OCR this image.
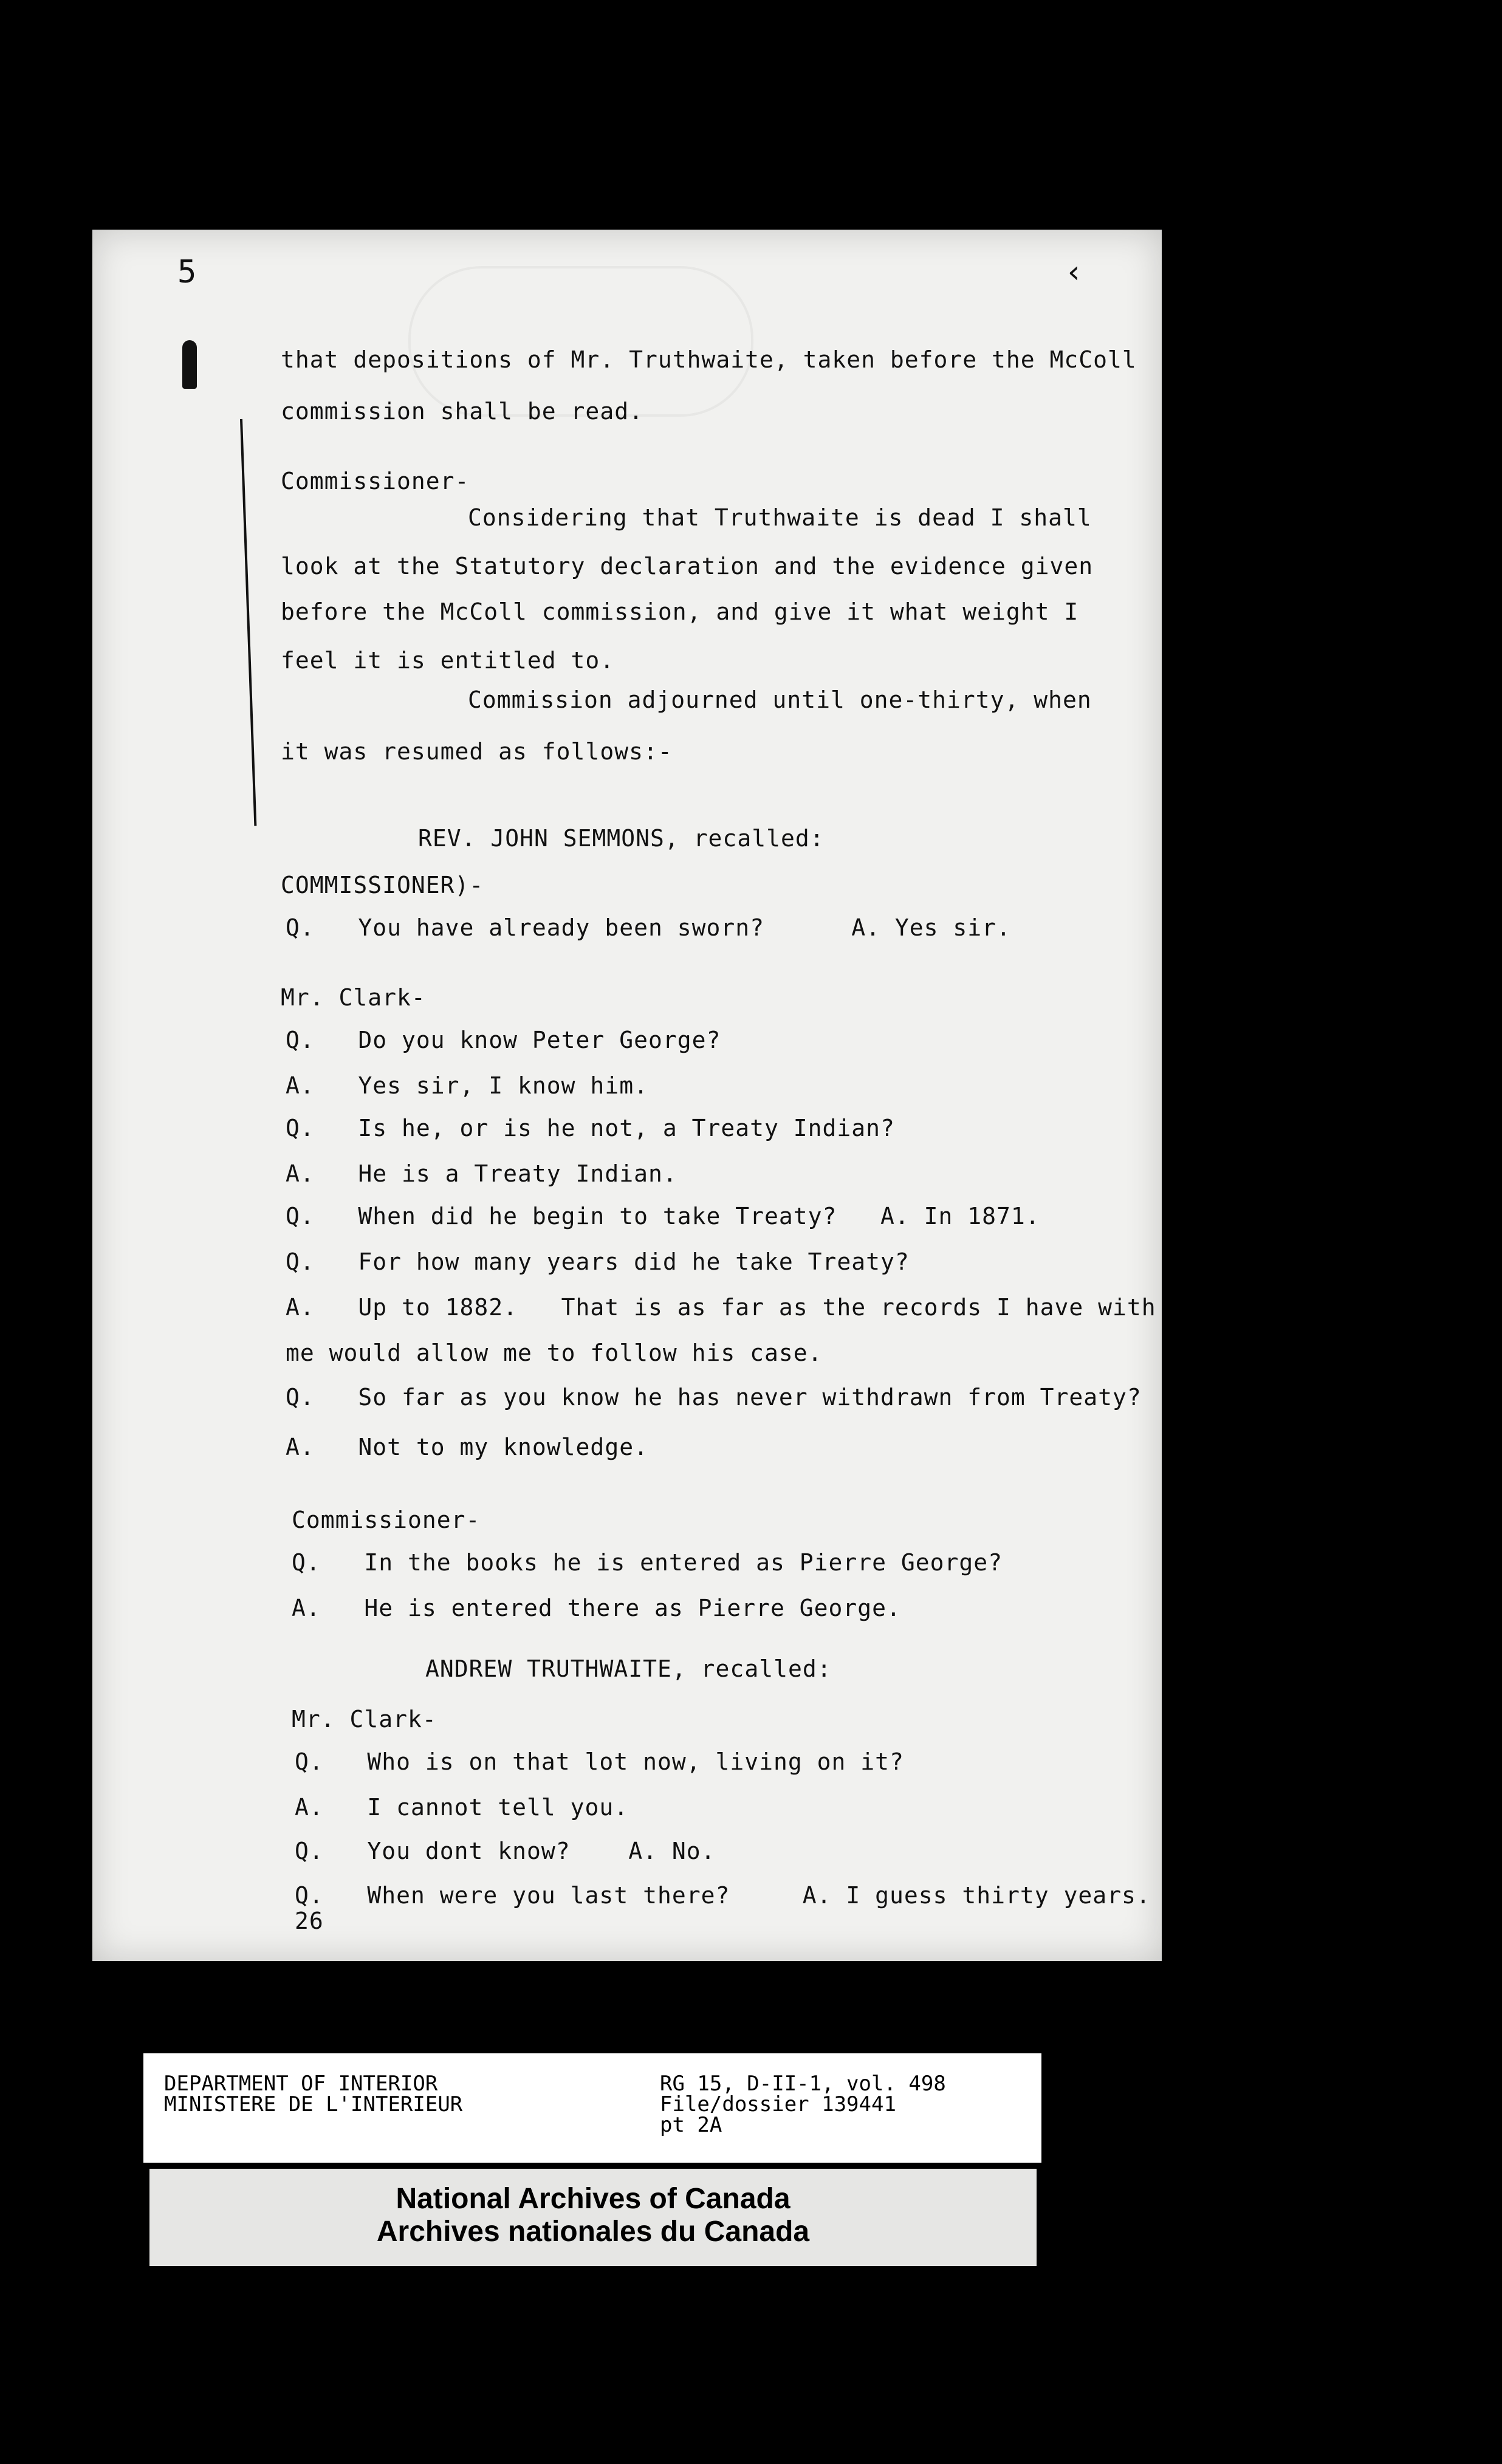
5	‹
that depositions of Mr. Truthwaite, taken before the McColl
commission shall be read.
Commissioner-
Considering that Truthwaite is dead I shall
look at the Statutory declaration and the evidence given
before the McColl commission, and give it what weight I
feel it is entitled to.
Commission adjourned until one-thirty, when
it was resumed as follows:-
REV. JOHN SEMMONS, recalled:
COMMISSIONER)-
Q.   You have already been sworn?      A. Yes sir.
Mr. Clark-
Q.   Do you know Peter George?
A.   Yes sir, I know him.
Q.   Is he, or is he not, a Treaty Indian?
A.   He is a Treaty Indian.
Q.   When did he begin to take Treaty?   A. In 1871.
Q.   For how many years did he take Treaty?
A.   Up to 1882.   That is as far as the records I have with
me would allow me to follow his case.
Q.   So far as you know he has never withdrawn from Treaty?
A.   Not to my knowledge.
Commissioner-
Q.   In the books he is entered as Pierre George?
A.   He is entered there as Pierre George.
ANDREW TRUTHWAITE, recalled:
Mr. Clark-
Q.   Who is on that lot now, living on it?
A.   I cannot tell you.
Q.   You dont know?    A. No.
Q.   When were you last there?     A. I guess thirty years.
26
DEPARTMENT OF INTERIOR
MINISTERE DE L'INTERIEUR
RG 15, D-II-1, vol. 498
File/dossier 139441
pt 2A
National Archives of Canada
Archives nationales du Canada
